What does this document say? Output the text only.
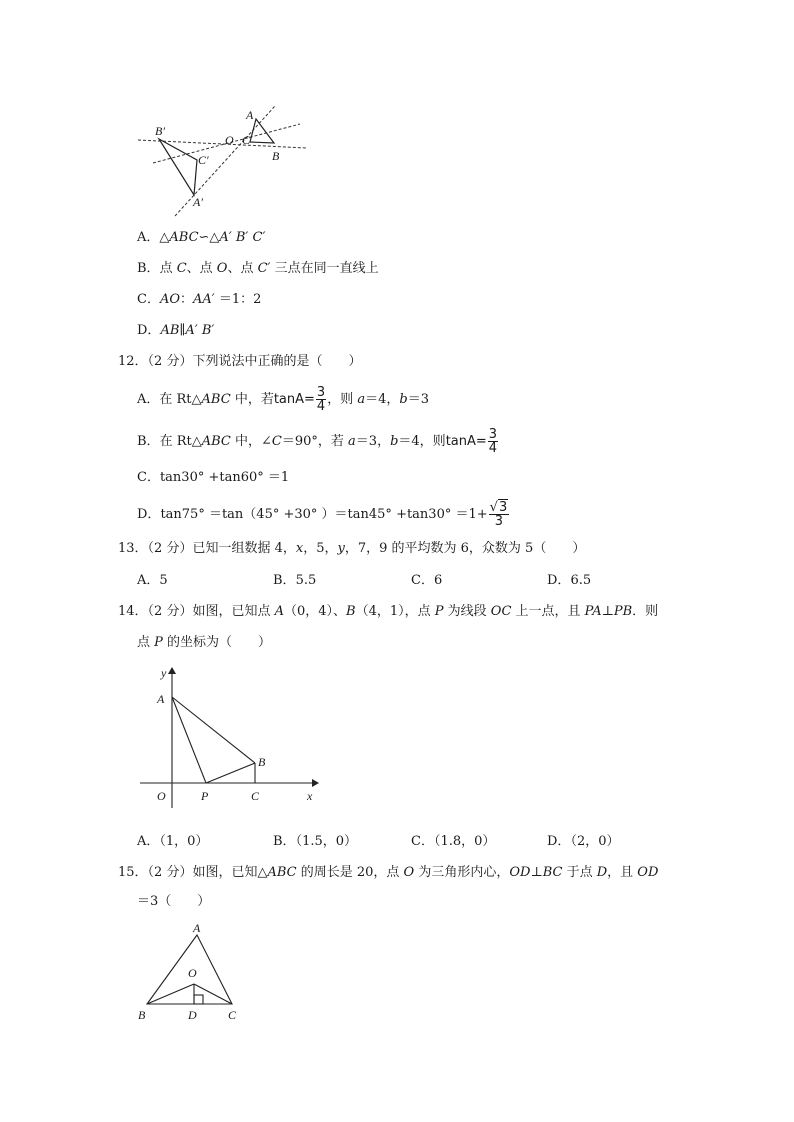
B′
O
C′
A
C
B
A′
A．△ABC∽△A′ B′ C′
B．点 C、点 O、点 C′ 三点在同一直线上
C．AO：AA′ ＝1：2
D．AB∥A′ B′
12．（2 分）下列说法中正确的是（　　）
A．在 Rt△ABC 中，若$\tan A= \frac{3}{4}$ ，则 a＝4，b＝3
B．在 Rt△ABC 中，∠C＝90°，若 a＝3，b＝4，则$\tan A= \frac{3}{4}$
C．tan30° +tan60° ＝1
D．tan75° ＝tan（45° +30° ）$=\tan 45^\circ +\tan 30^\circ =1+ \frac{√3}{3}$
13．（2 分）已知一组数据 4，x，5，y，7，9 的平均数为 6，众数为 5（　　）
A．5	B．5.5	C．6	D．6.5
14．（2 分）如图，已知点 A（0，4）、B（4，1），点 P 为线段 OC 上一点，且 PA⊥PB．则
点 P 的坐标为（　　）
y
A
B
O	P	C	x
A．（1，0）	B．（1.5，0）	C．（1.8，0）	D．（2，0）
15．（2 分）如图，已知△ABC 的周长是 20，点 O 为三角形内心，OD⊥BC 于点 D，且 OD
＝3（　　）
A
O
B	D	C
